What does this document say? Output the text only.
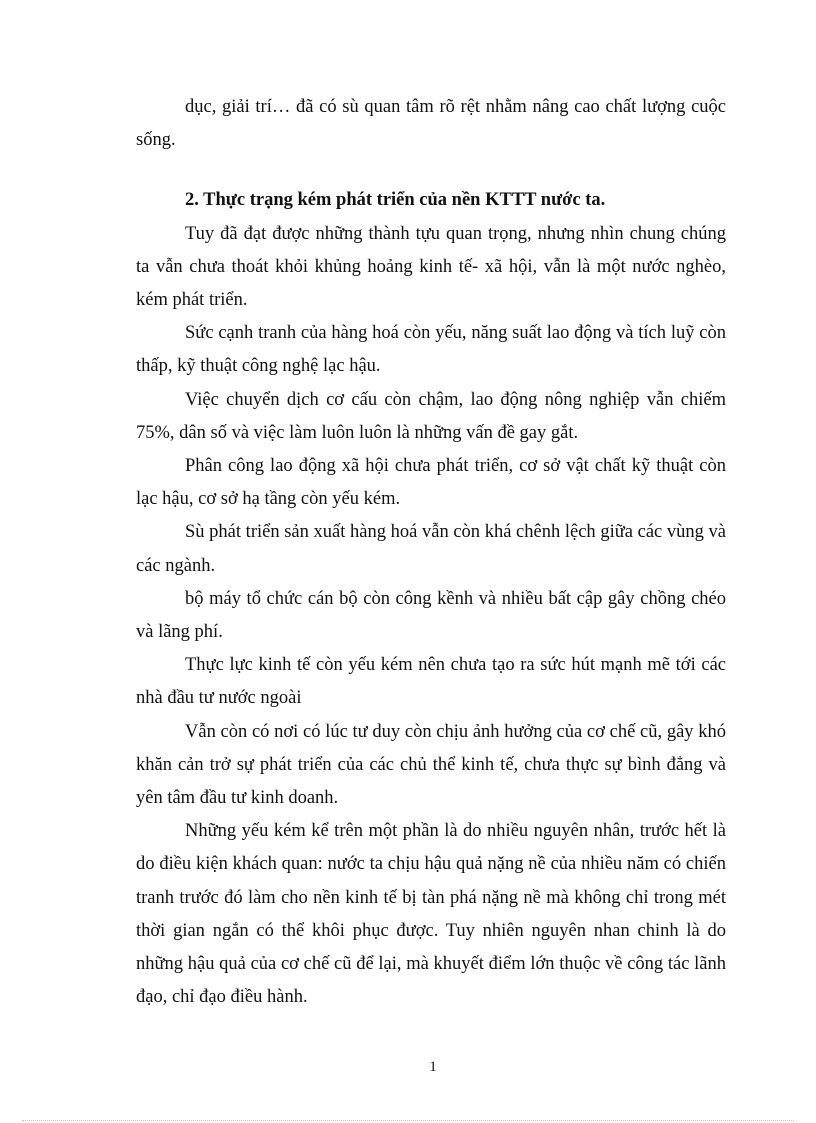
dục, giải trí… đã có sù quan tâm rõ rệt nhằm nâng cao chất lượng cuộc sống.

2. Thực trạng kém phát triển của nền KTTT nước ta.

Tuy đã đạt được những thành tựu quan trọng, nhưng nhìn chung chúng ta vẫn chưa thoát khỏi khủng hoảng kinh tế- xã hội, vẫn là một nước nghèo, kém phát triển.

Sức cạnh tranh của hàng hoá còn yếu, năng suất lao động và tích luỹ còn thấp, kỹ thuật công nghệ lạc hậu.

Việc chuyển dịch cơ cấu còn chậm, lao động nông nghiệp vẫn chiếm 75%, dân số và việc làm luôn luôn là những vấn đề gay gắt.

Phân công lao động xã hội chưa phát triển, cơ sở vật chất kỹ thuật còn lạc hậu, cơ sở hạ tầng còn yếu kém.

Sù phát triển sản xuất hàng hoá vẫn còn khá chênh lệch giữa các vùng và các ngành.

bộ máy tổ chức cán bộ còn công kềnh và nhiều bất cập gây chồng chéo và lãng phí.

Thực lực kinh tế còn yếu kém nên chưa tạo ra sức hút mạnh mẽ tới các nhà đầu tư nước ngoài

Vẫn còn có nơi có lúc tư duy còn chịu ảnh hưởng của cơ chế cũ, gây khó khăn cản trở sự phát triển của các chủ thể kinh tế, chưa thực sự bình đẳng và yên tâm đầu tư kinh doanh.

Những yếu kém kể trên một phần là do nhiều nguyên nhân, trước hết là do điều kiện khách quan: nước ta chịu hậu quả nặng nề của nhiều năm có chiến tranh trước đó làm cho nền kinh tế bị tàn phá nặng nề mà không chỉ trong mét thời gian ngắn có thể khôi phục được. Tuy nhiên nguyên nhan chinh là do những hậu quả của cơ chế cũ để lại, mà khuyết điểm lớn thuộc về công tác lãnh đạo, chỉ đạo điều hành.

1
